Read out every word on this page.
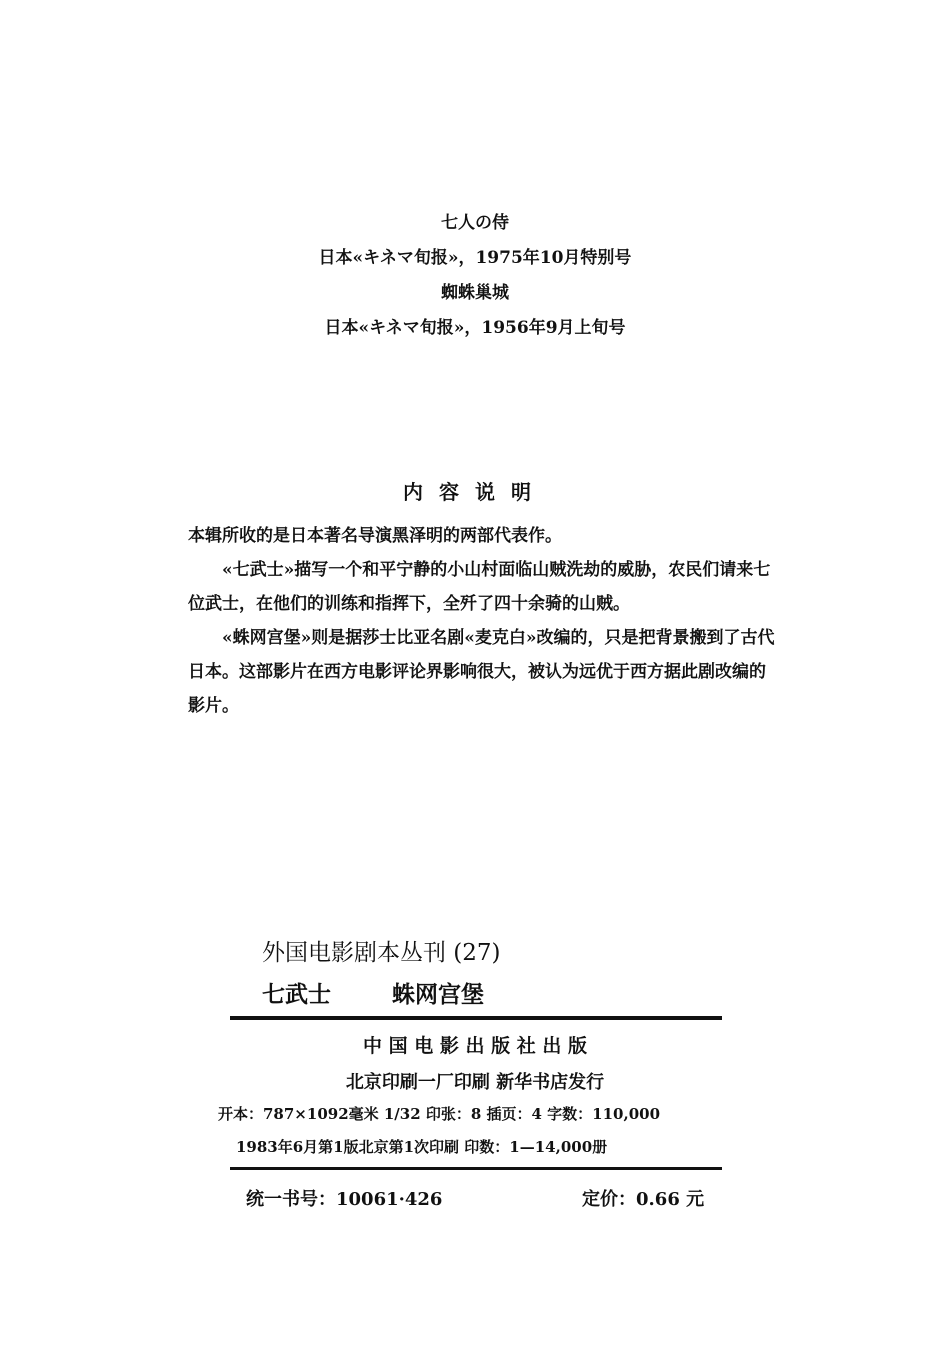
七人の侍
日本«キネマ旬报»，1975年10月特别号
蜘蛛巢城
日本«キネマ旬报»，1956年9月上旬号
内容说明
本辑所收的是日本著名导演黑泽明的两部代表作。
«七武士»描写一个和平宁静的小山村面临山贼洗劫的威胁，农民们请来七位武士，在他们的训练和指挥下，全歼了四十余骑的山贼。
«蛛网宫堡»则是据莎士比亚名剧«麦克白»改编的，只是把背景搬到了古代日本。这部影片在西方电影评论界影响很大，被认为远优于西方据此剧改编的影片。
外国电影剧本丛刊 (27)
七武士	蛛网宫堡
中 国 电 影 出 版 社 出 版
北京印刷一厂印刷 新华书店发行
开本：787×1092毫米 1/32 印张：8 插页：4 字数：110,000
1983年6月第1版北京第1次印刷 印数：1—14,000册
统一书号：10061·426	定价：0.66 元
